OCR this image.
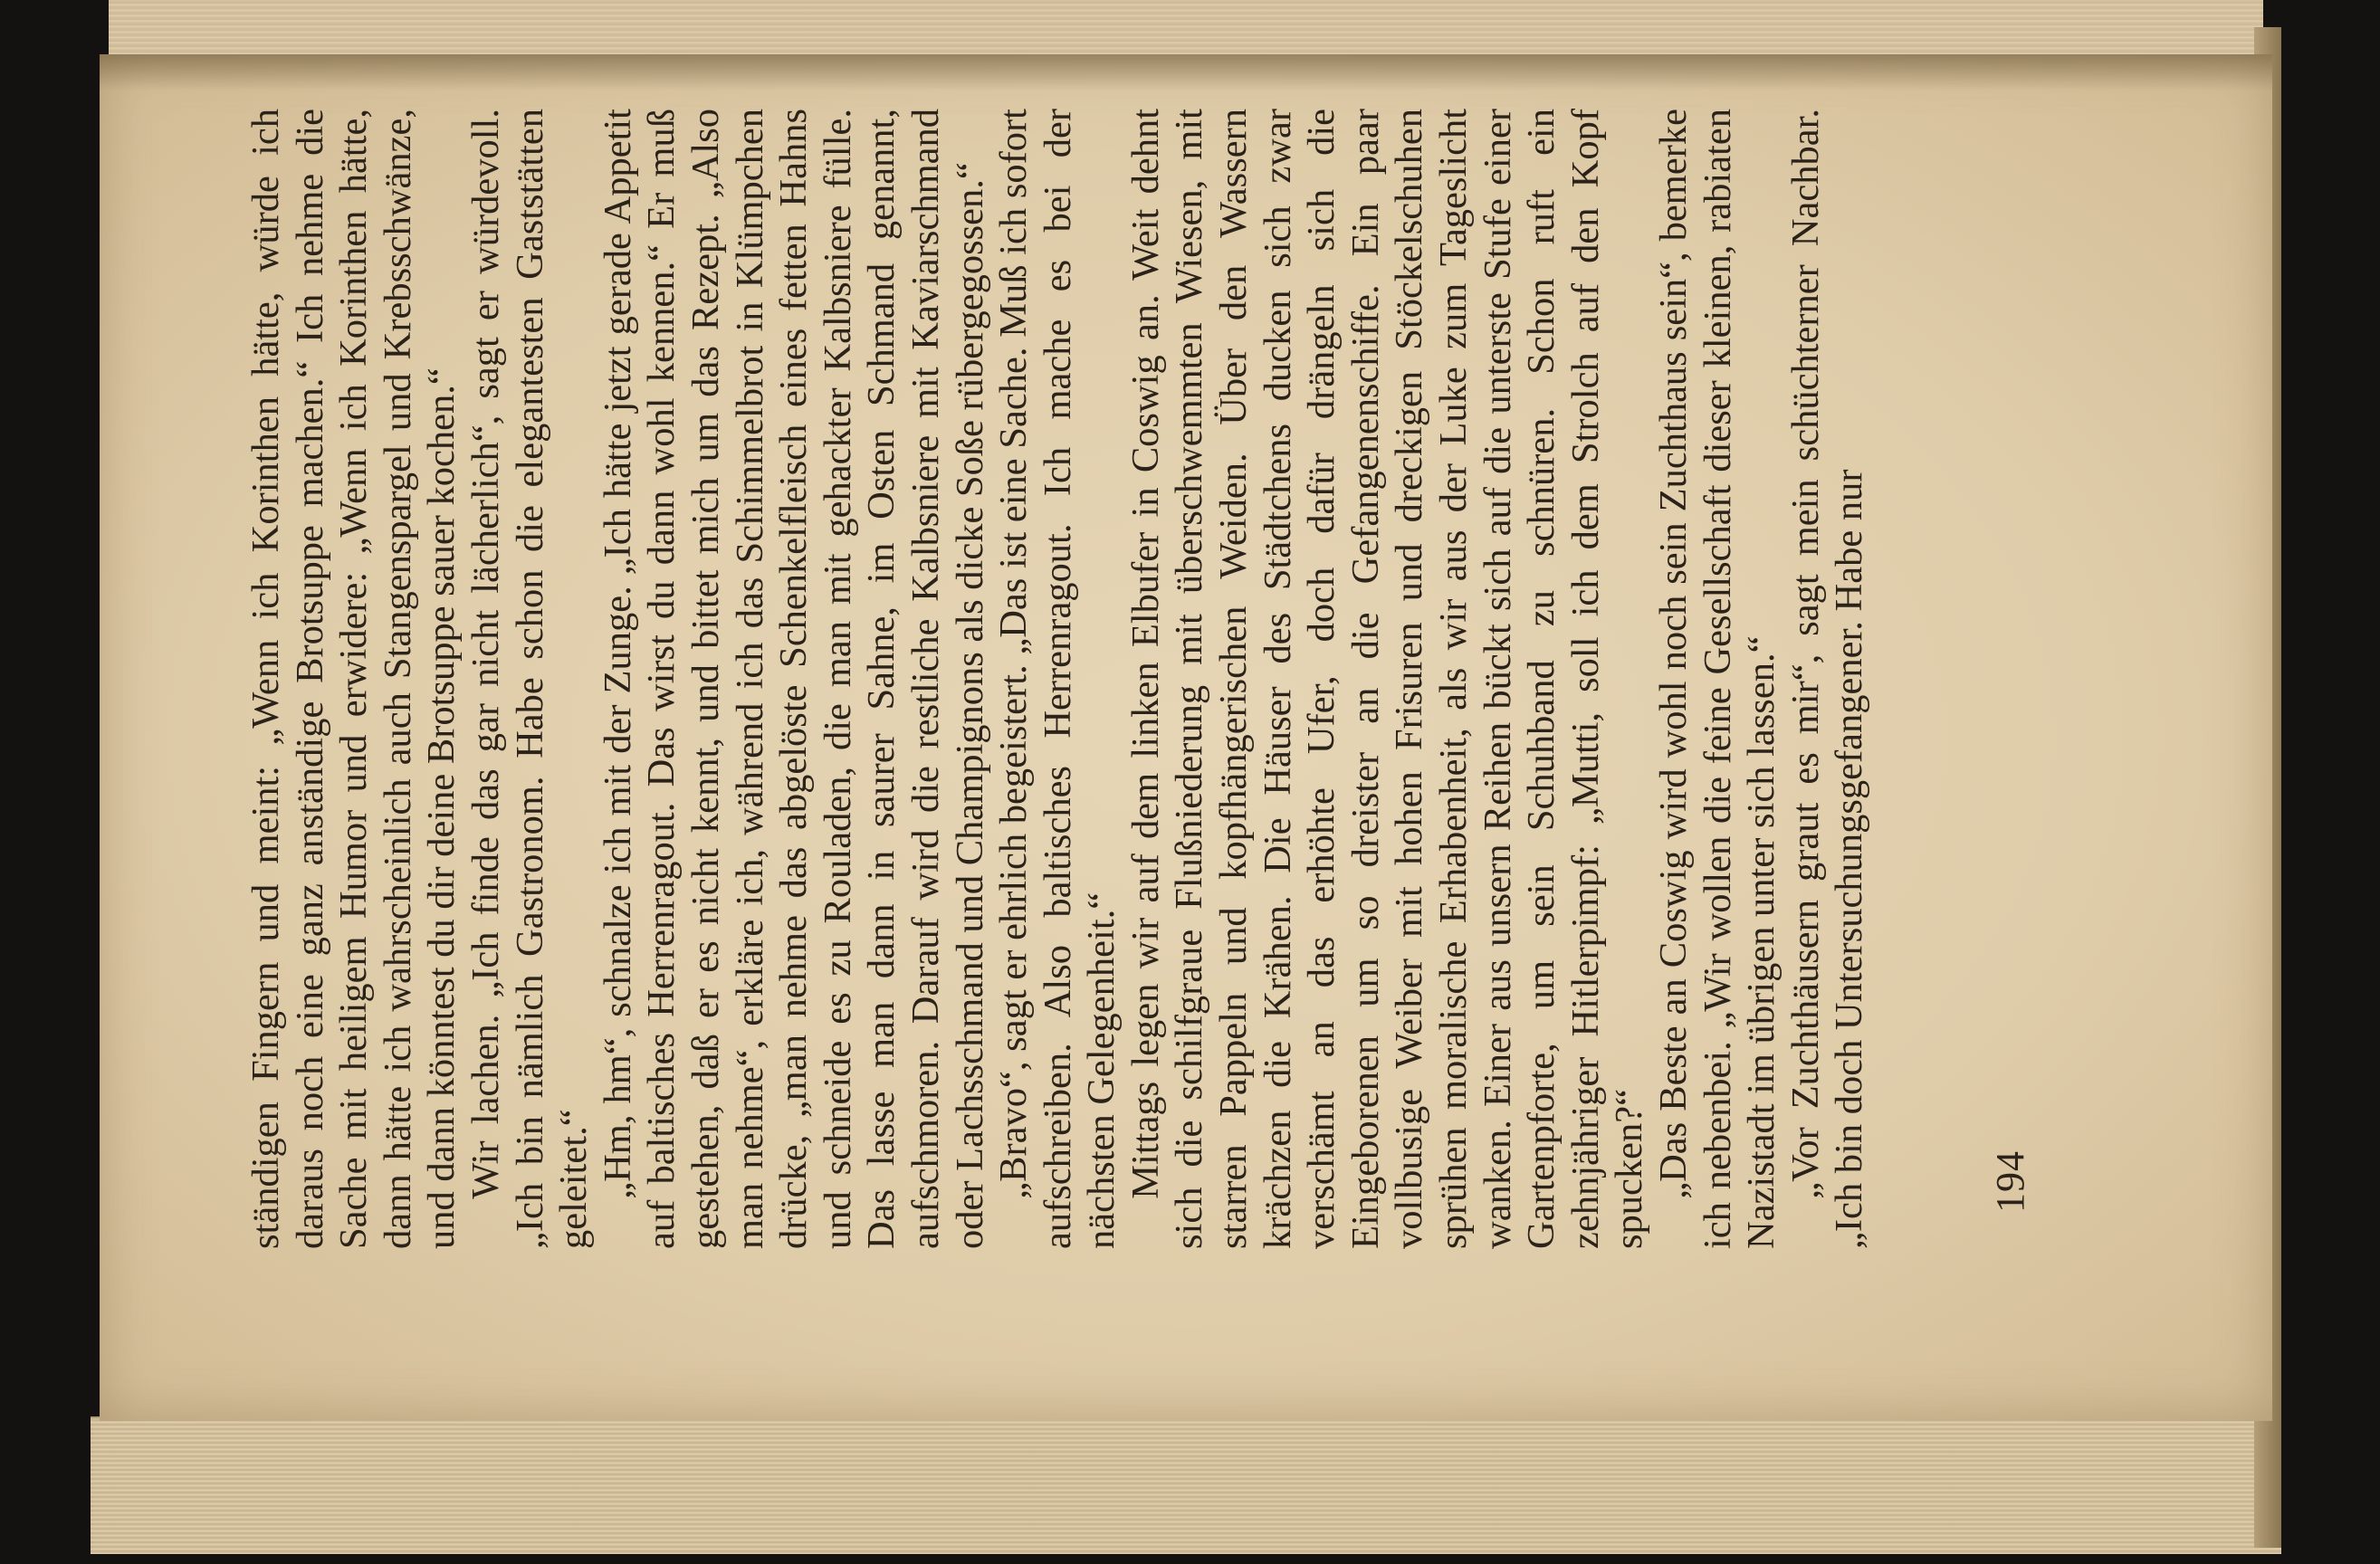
ständigen Fingern und meint: „Wenn ich Korinthen hätte, würde ich daraus noch eine ganz anständige Brotsuppe machen.“ Ich nehme die Sache mit heiligem Humor und erwidere: „Wenn ich Korinthen hätte, dann hätte ich wahrscheinlich auch Stangenspargel und Krebsschwänze, und dann könntest du dir deine Brotsuppe sauer kochen.“ Wir lachen. „Ich finde das gar nicht lächerlich“, sagt er würdevoll. „Ich bin nämlich Gastronom. Habe schon die elegantesten Gaststätten geleitet.“ „Hm, hm“, schnalze ich mit der Zunge. „Ich hätte jetzt gerade Appetit auf baltisches Herrenragout. Das wirst du dann wohl kennen.“ Er muß gestehen, daß er es nicht kennt, und bittet mich um das Rezept. „Also man nehme“, erkläre ich, während ich das Schimmelbrot in Klümpchen drücke, „man nehme das abgelöste Schenkelfleisch eines fetten Hahns und schneide es zu Rouladen, die man mit gehackter Kalbsniere fülle. Das lasse man dann in saurer Sahne, im Osten Schmand genannt, aufschmoren. Darauf wird die restliche Kalbsniere mit Kaviarschmand oder Lachsschmand und Champignons als dicke Soße rübergegossen.“ „Bravo“, sagt er ehrlich begeistert. „Das ist eine Sache. Muß ich sofort aufschreiben. Also baltisches Herrenragout. Ich mache es bei der nächsten Gelegenheit.“ Mittags legen wir auf dem linken Elbufer in Coswig an. Weit dehnt sich die schilfgraue Flußniederung mit überschwemmten Wiesen, mit starren Pappeln und kopfhängerischen Weiden. Über den Wassern krächzen die Krähen. Die Häuser des Städtchens ducken sich zwar verschämt an das erhöhte Ufer, doch dafür drängeln sich die Eingeborenen um so dreister an die Gefangenenschiffe. Ein paar vollbusige Weiber mit hohen Frisuren und dreckigen Stöckelschuhen sprühen moralische Erhabenheit, als wir aus der Luke zum Tageslicht wanken. Einer aus unsern Reihen bückt sich auf die unterste Stufe einer Gartenpforte, um sein Schuhband zu schnüren. Schon ruft ein zehnjähriger Hitlerpimpf: „Mutti, soll ich dem Strolch auf den Kopf spucken?“ „Das Beste an Coswig wird wohl noch sein Zuchthaus sein“, bemerke ich nebenbei. „Wir wollen die feine Gesellschaft dieser kleinen, rabiaten Nazistadt im übrigen unter sich lassen.“ „Vor Zuchthäusern graut es mir“, sagt mein schüchterner Nachbar. „Ich bin doch Untersuchungsgefangener. Habe nur	194
